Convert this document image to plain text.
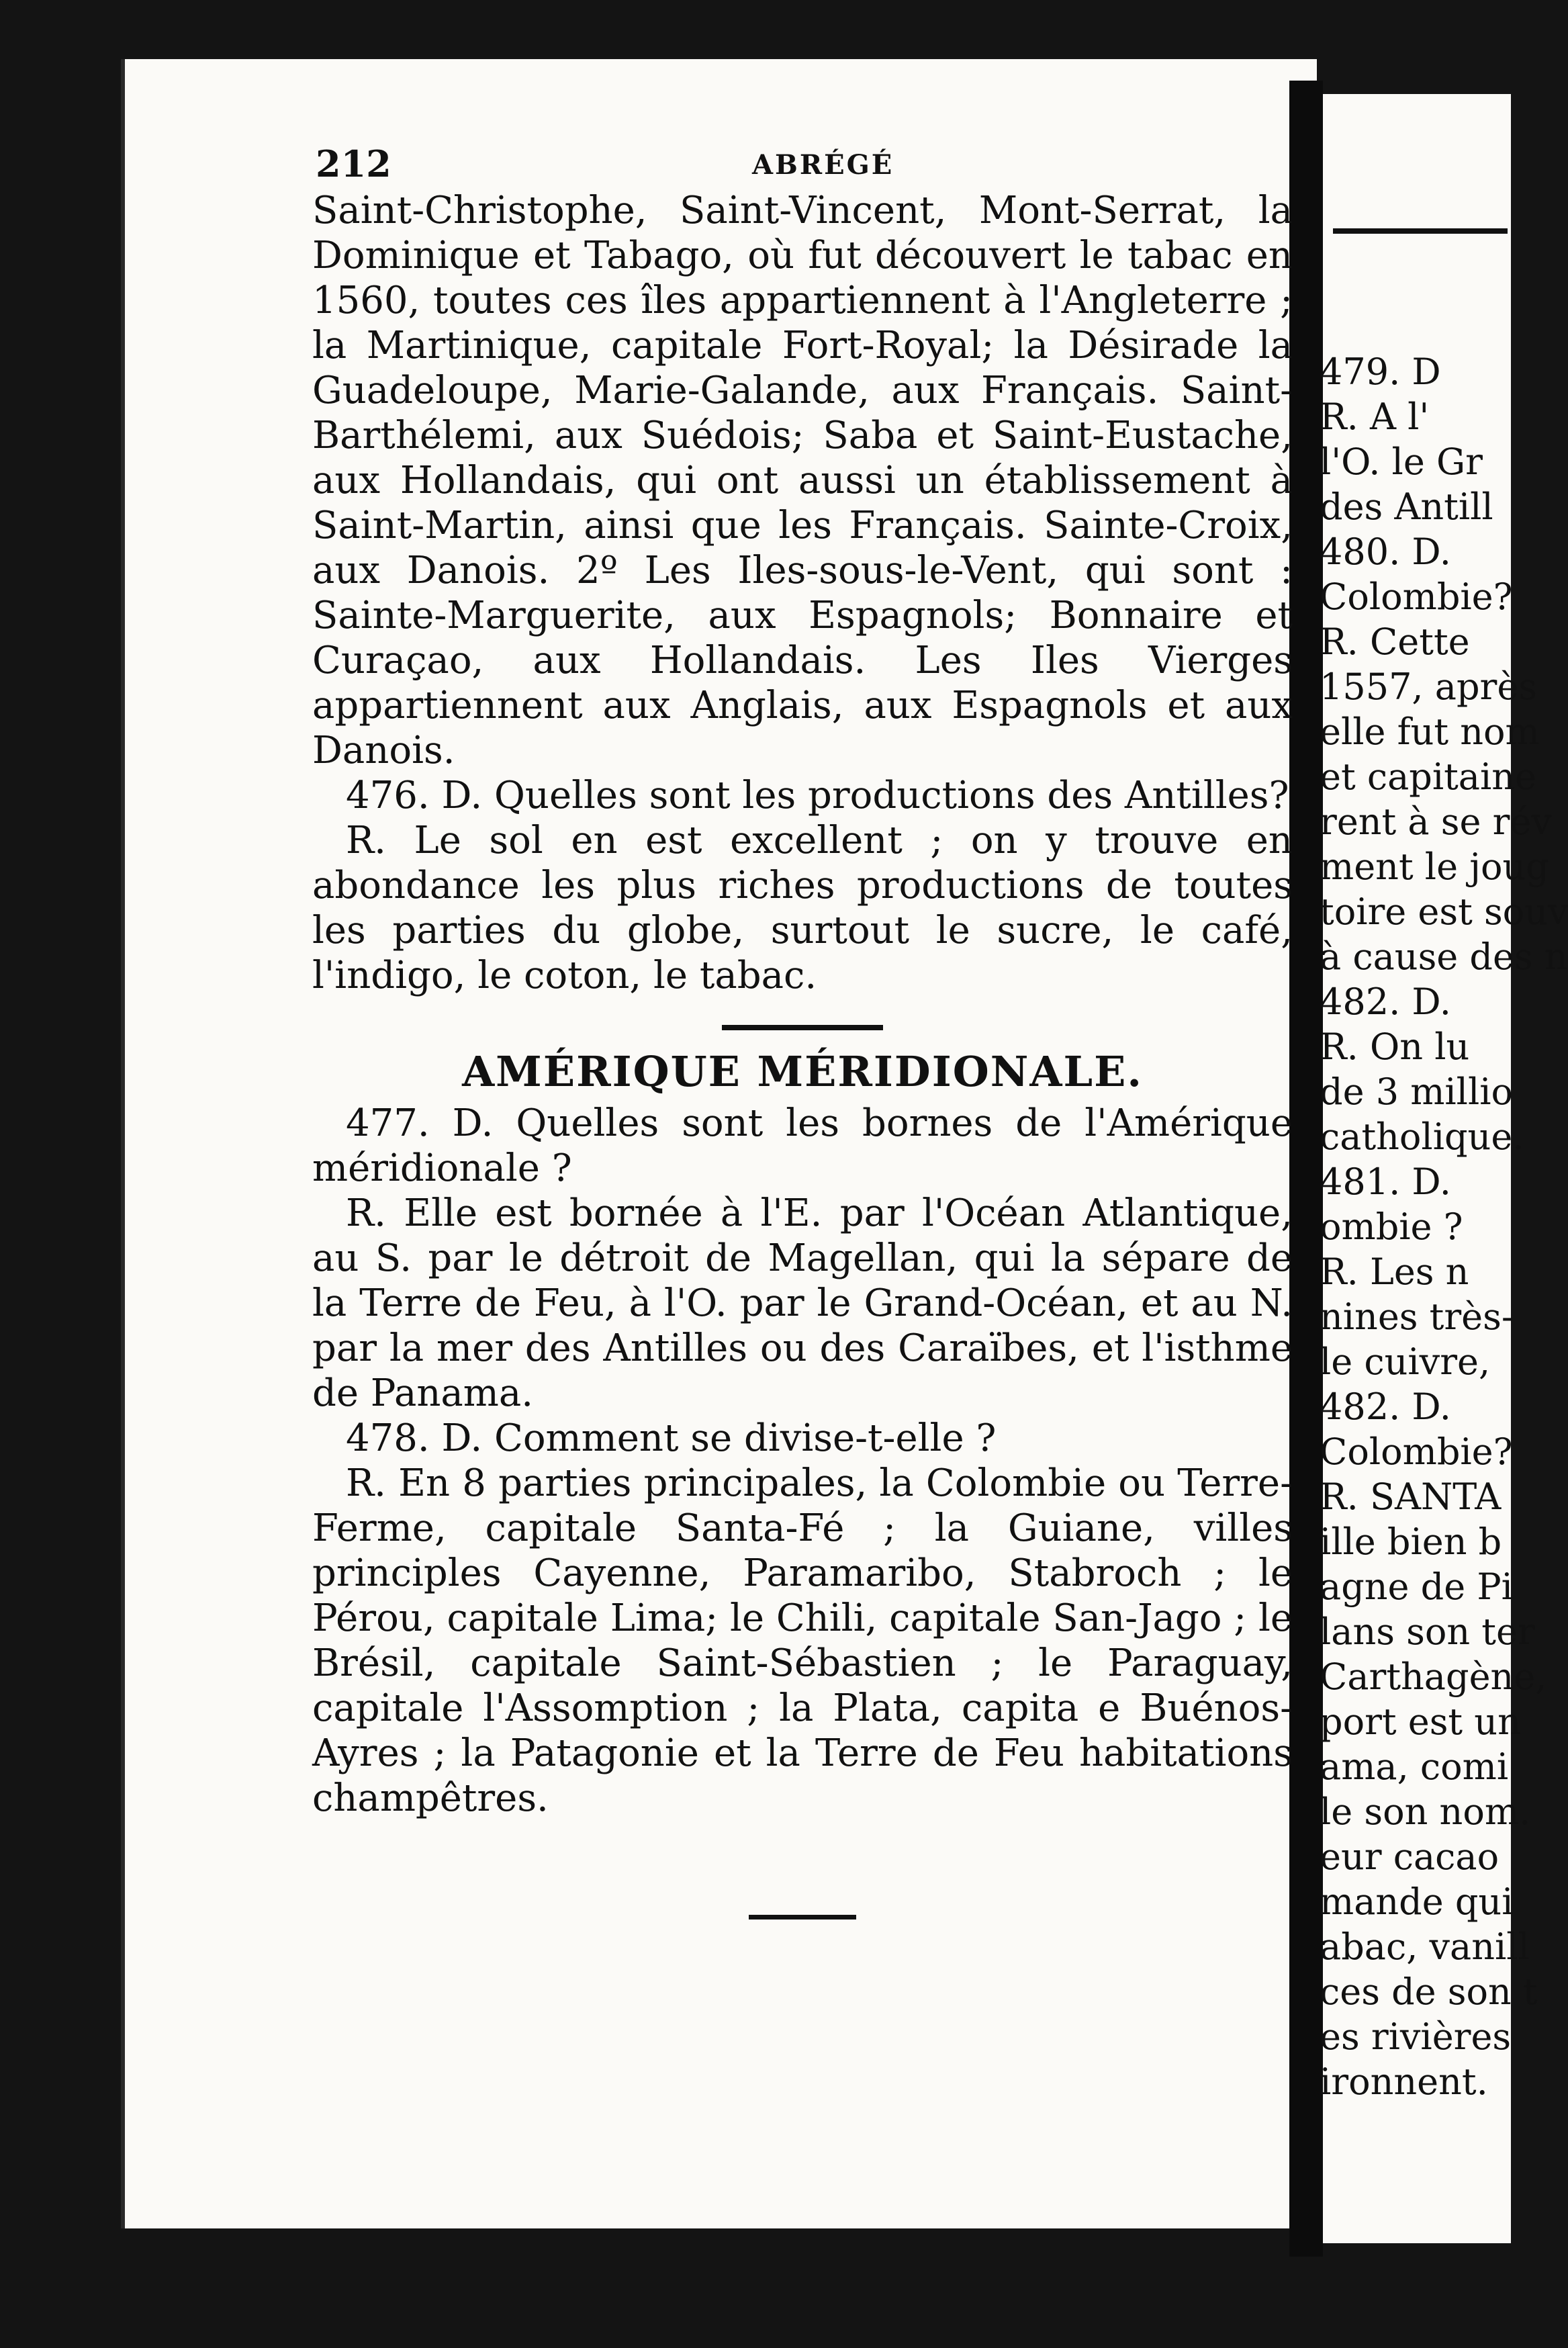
212	ABRÉGÉ

Saint-Christophe, Saint-Vincent, Mont-Serrat, la Dominique et Tabago, où fut découvert le tabac en 1560, toutes ces îles appartiennent à l'Angleterre ; la Martinique, capitale Fort-Royal; la Désirade la Guadeloupe, Marie-Galande, aux Français. Saint-Barthélemi, aux Suédois; Saba et Saint-Eustache, aux Hollandais, qui ont aussi un établissement à Saint-Martin, ainsi que les Français. Sainte-Croix, aux Danois. 2º Les Iles-sous-le-Vent, qui sont : Sainte-Marguerite, aux Espagnols; Bonnaire et Curaçao, aux Hollandais. Les Iles Vierges appartiennent aux Anglais, aux Espagnols et aux Danois.

476. D. Quelles sont les productions des Antilles?

R. Le sol en est excellent ; on y trouve en abondance les plus riches productions de toutes les parties du globe, surtout le sucre, le café, l'indigo, le coton, le tabac.

AMÉRIQUE MÉRIDIONALE.

477. D. Quelles sont les bornes de l'Amérique méridionale ?

R. Elle est bornée à l'E. par l'Océan Atlantique, au S. par le détroit de Magellan, qui la sépare de la Terre de Feu, à l'O. par le Grand-Océan, et au N. par la mer des Antilles ou des Caraïbes, et l'isthme de Panama.

478. D. Comment se divise-t-elle ?

R. En 8 parties principales, la Colombie ou Terre-Ferme, capitale Santa-Fé ; la Guiane, villes principles Cayenne, Paramaribo, Stabroch ; le Pérou, capitale Lima; le Chili, capitale San-Jago ; le Brésil, capitale Saint-Sébastien ; le Paraguay, capitale l'Assomption ; la Plata, capita e Buénos-Ayres ; la Patagonie et la Terre de Feu habitations champêtres.

479. D
R. A l'
l'O. le Gr
des Antill
480. D.
Colombie?
R. Cette
1557, après
elle fut nom
et capitaine
rent à se rév
ment le joug
toire est souv
à cause des n
482. D.
R. On lu
de 3 millio
catholique.
481. D.
ombie ?
R. Les n
nines très-
le cuivre,
482. D.
Colombie?
R. SANTA
ille bien b
agne de Pi
lans son ter
Carthagène,
port est un
ama, comi
le son nom.
eur cacao
mande qui
abac, vanill
ces de son t
es rivières
ironnent.
